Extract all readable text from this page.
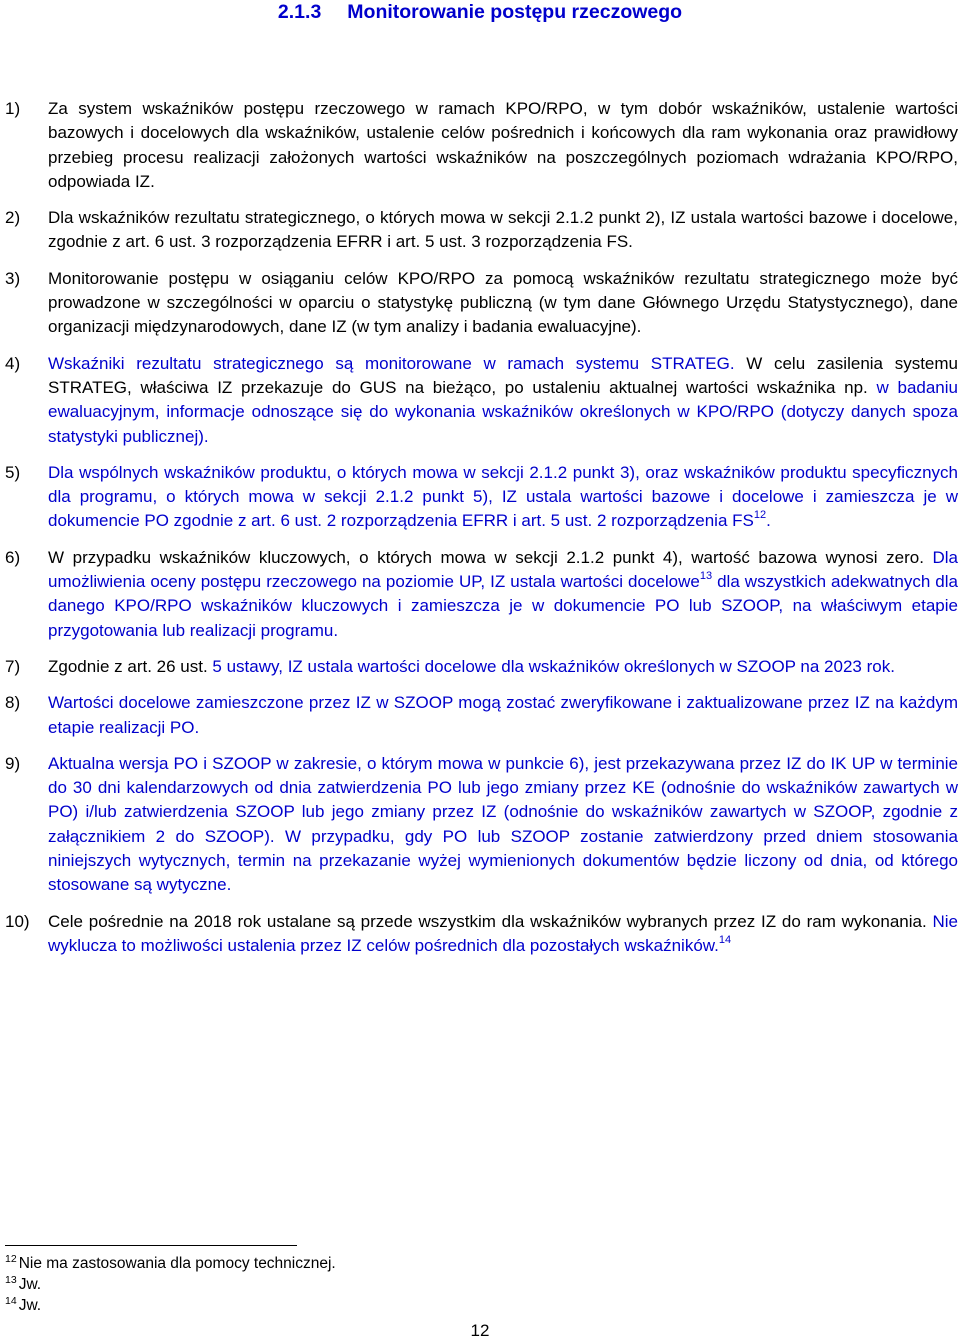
2.1.3 Monitorowanie postępu rzeczowego
1) Za system wskaźników postępu rzeczowego w ramach KPO/RPO, w tym dobór wskaźników, ustalenie wartości bazowych i docelowych dla wskaźników, ustalenie celów pośrednich i końcowych dla ram wykonania oraz prawidłowy przebieg procesu realizacji założonych wartości wskaźników na poszczególnych poziomach wdrażania KPO/RPO, odpowiada IZ.
2) Dla wskaźników rezultatu strategicznego, o których mowa w sekcji 2.1.2 punkt 2), IZ ustala wartości bazowe i docelowe, zgodnie z art. 6 ust. 3 rozporządzenia EFRR i art. 5 ust. 3 rozporządzenia FS.
3) Monitorowanie postępu w osiąganiu celów KPO/RPO za pomocą wskaźników rezultatu strategicznego może być prowadzone w szczególności w oparciu o statystykę publiczną (w tym dane Głównego Urzędu Statystycznego), dane organizacji międzynarodowych, dane IZ (w tym analizy i badania ewaluacyjne).
4) Wskaźniki rezultatu strategicznego są monitorowane w ramach systemu STRATEG. W celu zasilenia systemu STRATEG, właściwa IZ przekazuje do GUS na bieżąco, po ustaleniu aktualnej wartości wskaźnika np. w badaniu ewaluacyjnym, informacje odnoszące się do wykonania wskaźników określonych w KPO/RPO (dotyczy danych spoza statystyki publicznej).
5) Dla wspólnych wskaźników produktu, o których mowa w sekcji 2.1.2 punkt 3), oraz wskaźników produktu specyficznych dla programu, o których mowa w sekcji 2.1.2 punkt 5), IZ ustala wartości bazowe i docelowe i zamieszcza je w dokumencie PO zgodnie z art. 6 ust. 2 rozporządzenia EFRR i art. 5 ust. 2 rozporządzenia FS$^{12}$.
6) W przypadku wskaźników kluczowych, o których mowa w sekcji 2.1.2 punkt 4), wartość bazowa wynosi zero. Dla umożliwienia oceny postępu rzeczowego na poziomie UP, IZ ustala wartości docelowe$^{13}$ dla wszystkich adekwatnych dla danego KPO/RPO wskaźników kluczowych i zamieszcza je w dokumencie PO lub SZOOP, na właściwym etapie przygotowania lub realizacji programu.
7) Zgodnie z art. 26 ust. 5 ustawy, IZ ustala wartości docelowe dla wskaźników określonych w SZOOP na 2023 rok.
8) Wartości docelowe zamieszczone przez IZ w SZOOP mogą zostać zweryfikowane i zaktualizowane przez IZ na każdym etapie realizacji PO.
9) Aktualna wersja PO i SZOOP w zakresie, o którym mowa w punkcie 6), jest przekazywana przez IZ do IK UP w terminie do 30 dni kalendarzowych od dnia zatwierdzenia PO lub jego zmiany przez KE (odnośnie do wskaźników zawartych w PO) i/lub zatwierdzenia SZOOP lub jego zmiany przez IZ (odnośnie do wskaźników zawartych w SZOOP, zgodnie z załącznikiem 2 do SZOOP). W przypadku, gdy PO lub SZOOP zostanie zatwierdzony przed dniem stosowania niniejszych wytycznych, termin na przekazanie wyżej wymienionych dokumentów będzie liczony od dnia, od którego stosowane są wytyczne.
10) Cele pośrednie na 2018 rok ustalane są przede wszystkim dla wskaźników wybranych przez IZ do ram wykonania. Nie wyklucza to możliwości ustalenia przez IZ celów pośrednich dla pozostałych wskaźników.$^{14}$
$^{12}$ Nie ma zastosowania dla pomocy technicznej.
$^{13}$ Jw.
$^{14}$ Jw.
12
